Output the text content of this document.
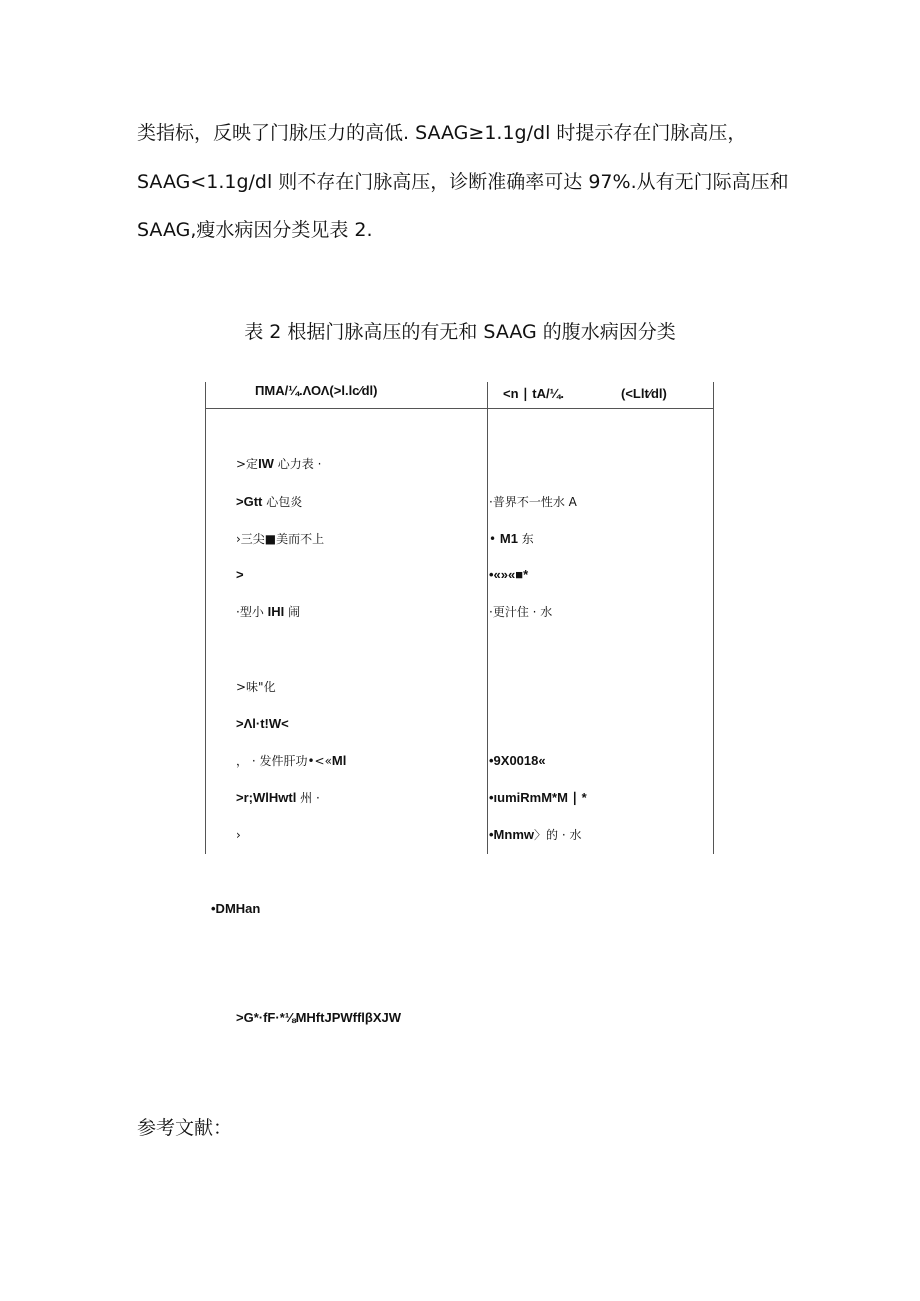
类指标，反映了门脉压力的高低. SAAG≥1.1g/dl 时提示存在门脉高压，
SAAG<1.1g/dl 则不存在门脉高压，诊断准确率可达 97%.从有无门际高压和
SAAG,瘦水病因分类见表 2.
表 2 根据门脉高压的有无和 SAAG 的腹水病因分类
ΠΜΑ/¼.ΛΟΛ(>l.lc∕dl)	<n ∣ tA/¼.	(<Llt∕dl)
>定IW 心力表 ·
>Gtt 心包炎
›三尖■美而不上
>
·型小 IHI 闹
>味"化
>Λl·t!W<
， · 发件肝功•<«Ml
>r;WlHwtl 州 ·
›
·普界不一性水 A
• M1 东
•«»«■*
·更汁住 · 水
•9X0018«
•ıumiRmM*M ∣ *
•Mnmw〉的 · 水
•DMHan
>G*·fF·*⅛MHftJPWfflβXJW
参考文献：
